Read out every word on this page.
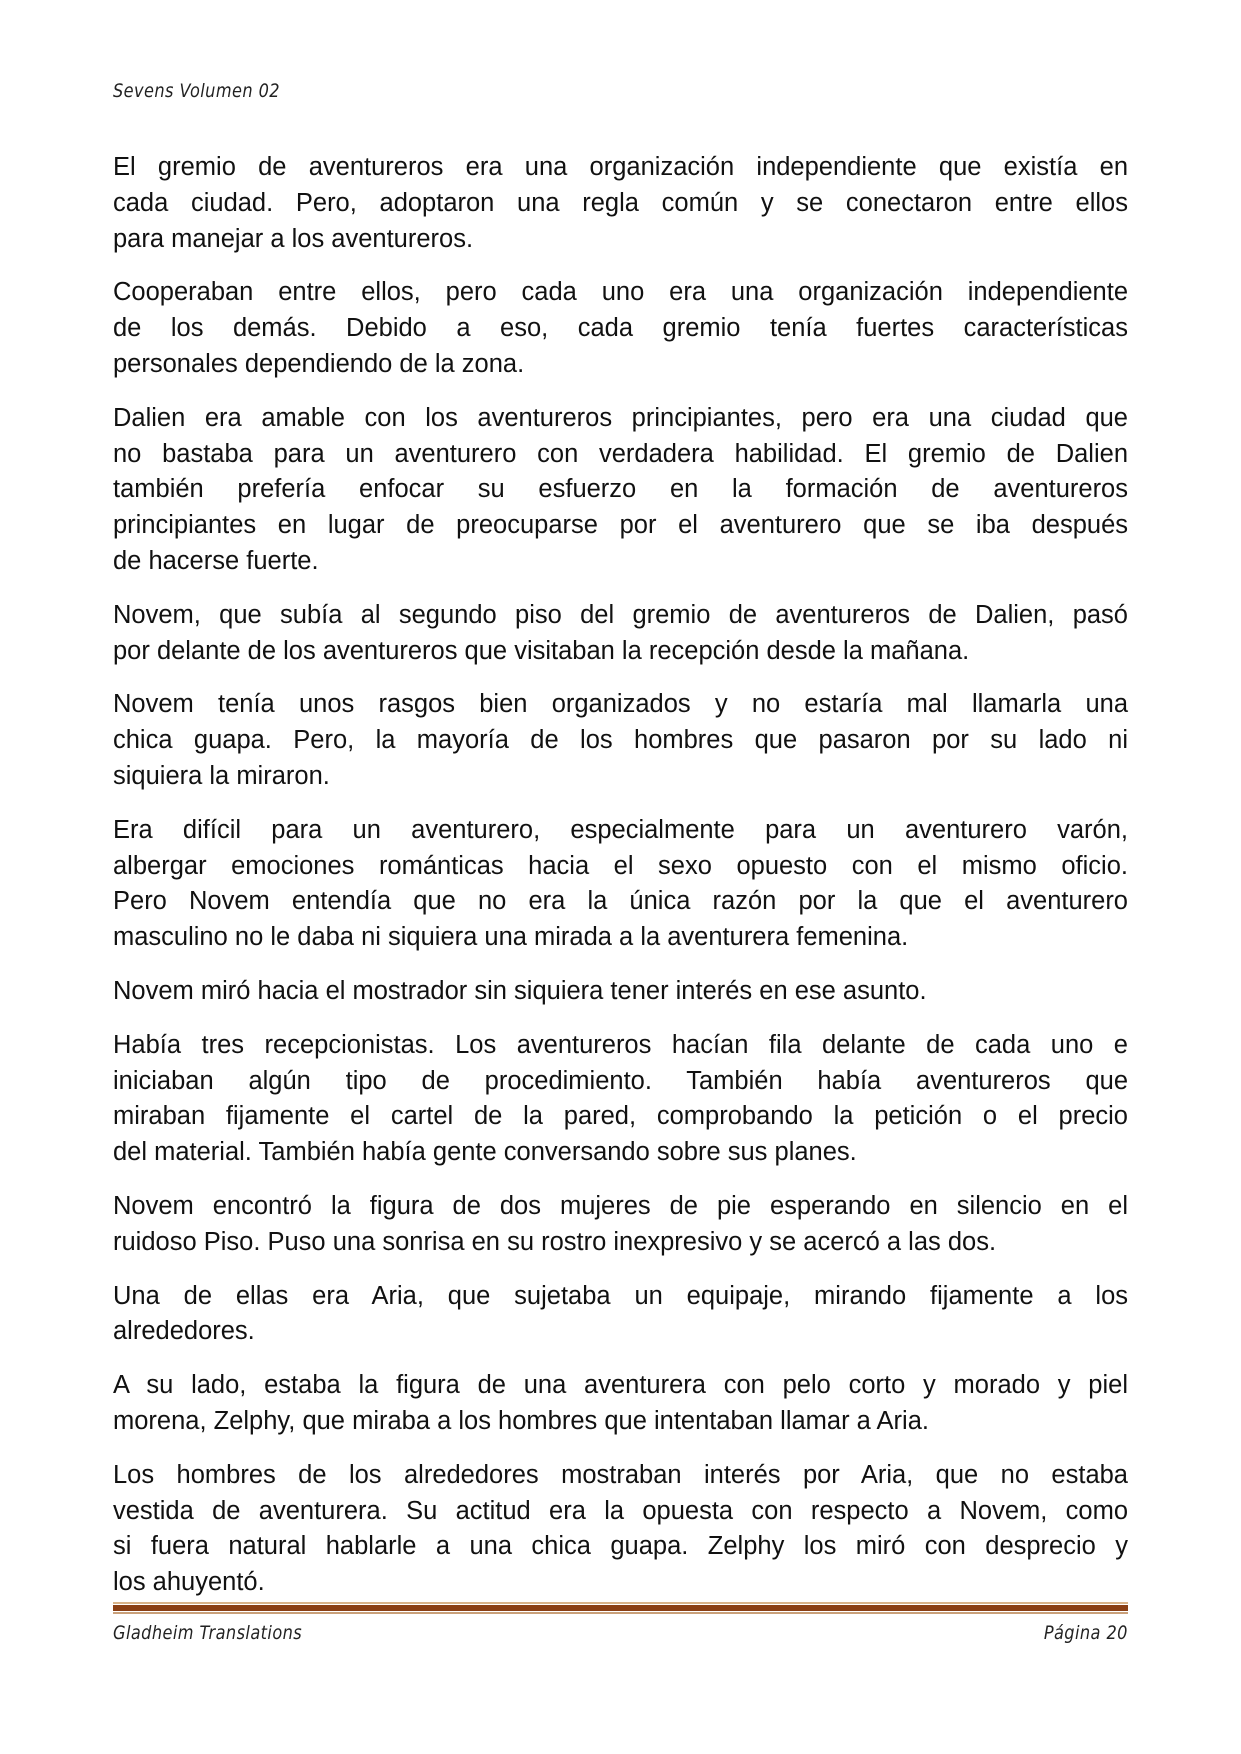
Sevens Volumen 02
El gremio de aventureros era una organización independiente que existía en
cada ciudad. Pero, adoptaron una regla común y se conectaron entre ellos
para manejar a los aventureros.
Cooperaban entre ellos, pero cada uno era una organización independiente
de los demás. Debido a eso, cada gremio tenía fuertes características
personales dependiendo de la zona.
Dalien era amable con los aventureros principiantes, pero era una ciudad que
no bastaba para un aventurero con verdadera habilidad. El gremio de Dalien
también prefería enfocar su esfuerzo en la formación de aventureros
principiantes en lugar de preocuparse por el aventurero que se iba después
de hacerse fuerte.
Novem, que subía al segundo piso del gremio de aventureros de Dalien, pasó
por delante de los aventureros que visitaban la recepción desde la mañana.
Novem tenía unos rasgos bien organizados y no estaría mal llamarla una
chica guapa. Pero, la mayoría de los hombres que pasaron por su lado ni
siquiera la miraron.
Era difícil para un aventurero, especialmente para un aventurero varón,
albergar emociones románticas hacia el sexo opuesto con el mismo oficio.
Pero Novem entendía que no era la única razón por la que el aventurero
masculino no le daba ni siquiera una mirada a la aventurera femenina.
Novem miró hacia el mostrador sin siquiera tener interés en ese asunto.
Había tres recepcionistas. Los aventureros hacían fila delante de cada uno e
iniciaban algún tipo de procedimiento. También había aventureros que
miraban fijamente el cartel de la pared, comprobando la petición o el precio
del material. También había gente conversando sobre sus planes.
Novem encontró la figura de dos mujeres de pie esperando en silencio en el
ruidoso Piso. Puso una sonrisa en su rostro inexpresivo y se acercó a las dos.
Una de ellas era Aria, que sujetaba un equipaje, mirando fijamente a los
alrededores.
A su lado, estaba la figura de una aventurera con pelo corto y morado y piel
morena, Zelphy, que miraba a los hombres que intentaban llamar a Aria.
Los hombres de los alrededores mostraban interés por Aria, que no estaba
vestida de aventurera. Su actitud era la opuesta con respecto a Novem, como
si fuera natural hablarle a una chica guapa. Zelphy los miró con desprecio y
los ahuyentó.
Gladheim Translations	Página 20
